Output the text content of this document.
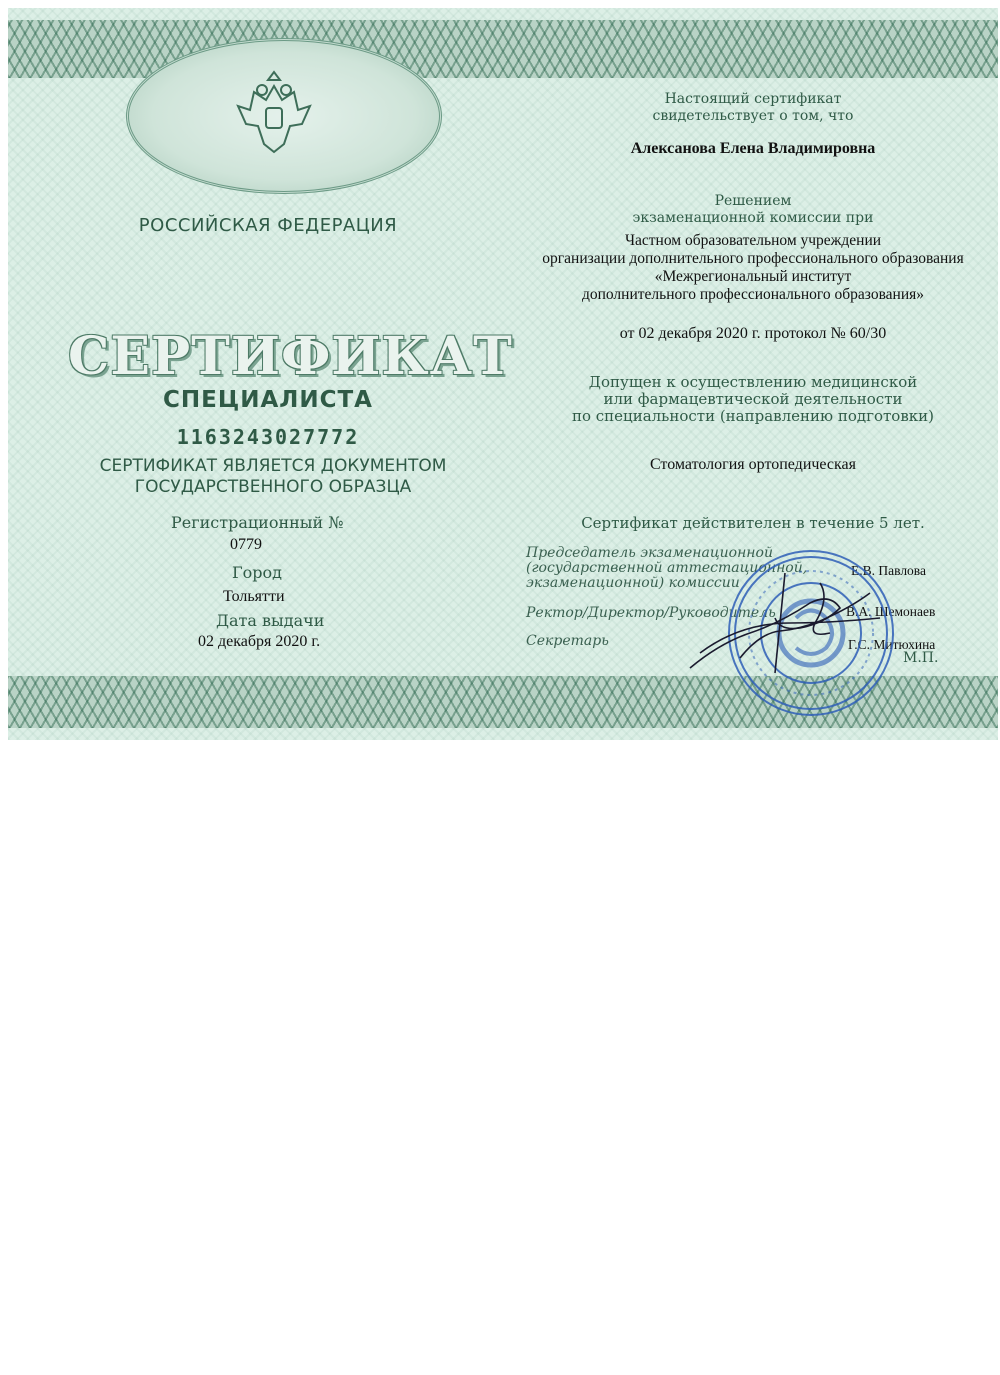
РОССИЙСКАЯ ФЕДЕРАЦИЯ

СЕРТИФИКАТ

СПЕЦИАЛИСТА

1163243027772

СЕРТИФИКАТ ЯВЛЯЕТСЯ ДОКУМЕНТОМ
ГОСУДАРСТВЕННОГО ОБРАЗЦА

Регистрационный №

0779

Город

Тольятти

Дата выдачи

02 декабря 2020 г.

Настоящий сертификат
свидетельствует о том, что

Алексанова Елена Владимировна

Решением
экзаменационной комиссии при
Частном образовательном учреждении
организации дополнительного профессионального образования
«Межрегиональный институт
дополнительного профессионального образования»

от 02 декабря 2020 г. протокол № 60/30

Допущен к осуществлению медицинской
или фармацевтической деятельности
по специальности (направлению подготовки)

Стоматология ортопедическая

Сертификат действителен в течение 5 лет.

Председатель экзаменационной
(государственной аттестационной,
экзаменационной) комиссии

Е.В. Павлова

Ректор/Директор/Руководитель	В.А. Шемонаев

Секретарь	Г.С. Митюхина

М.П.
